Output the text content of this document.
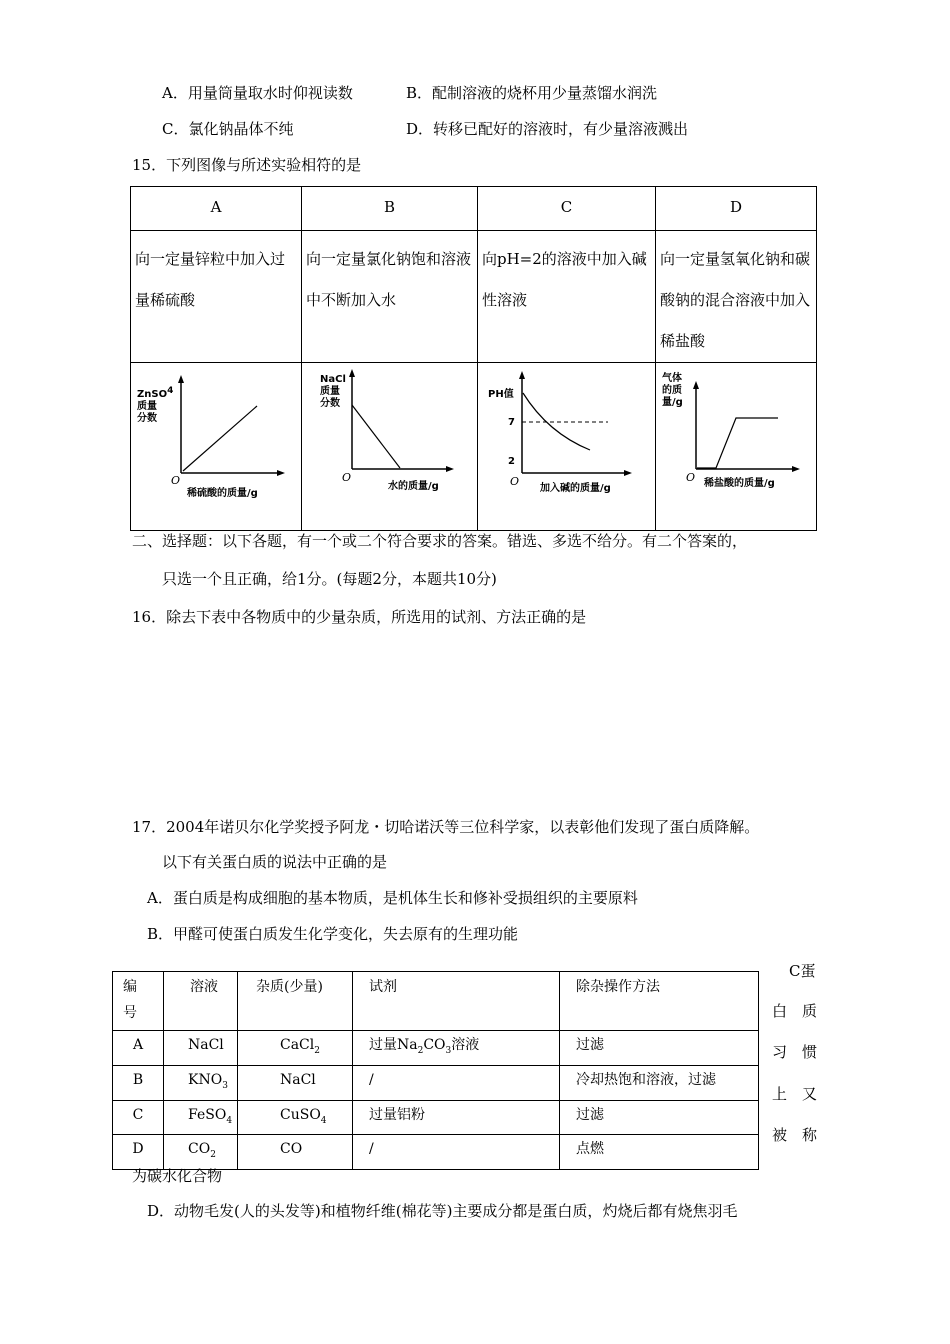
A．用量筒量取水时仰视读数	B．配制溶液的烧杯用少量蒸馏水润洗
C．氯化钠晶体不纯	D．转移已配好的溶液时，有少量溶液溅出
15．下列图像与所述实验相符的是
A	B	C	D

向一定量锌粒中加入过量稀硫酸	向一定量氯化钠饱和溶液中不断加入水	向pH=2的溶液中加入碱性溶液	向一定量氢氧化钠和碳酸钠的混合溶液中加入稀盐酸

ZnSO4
质量
分数
O
稀硫酸的质量/g	NaCl
质量
分数
O
水的质量/g	PH值
7
2
O
加入碱的质量/g	气体
的质
量/g
O 稀盐酸的质量/g
二、选择题：以下各题，有一个或二个符合要求的答案。错选、多选不给分。有二个答案的，
只选一个且正确，给1分。(每题2分，本题共10分)
16．除去下表中各物质中的少量杂质，所选用的试剂、方法正确的是
17．2004年诺贝尔化学奖授予阿龙・切哈诺沃等三位科学家，以表彰他们发现了蛋白质降解。
以下有关蛋白质的说法中正确的是
A．蛋白质是构成细胞的基本物质，是机体生长和修补受损组织的主要原料
B．甲醛可使蛋白质发生化学变化，失去原有的生理功能
编
号	溶液	杂质(少量)	试剂	除杂操作方法
A	NaCl	CaCl$_2$	过量$Na_2CO_3$溶液	过滤
B	$KNO_3$	NaCl	/	冷却热饱和溶液，过滤
C	FeSO$_4$	CuSO$_4$	过量铝粉	过滤
D	$CO_2$	CO	/	点燃
C蛋
白 质
习 惯
上 又
被 称
为碳水化合物
D．动物毛发(人的头发等)和植物纤维(棉花等)主要成分都是蛋白质，灼烧后都有烧焦羽毛
